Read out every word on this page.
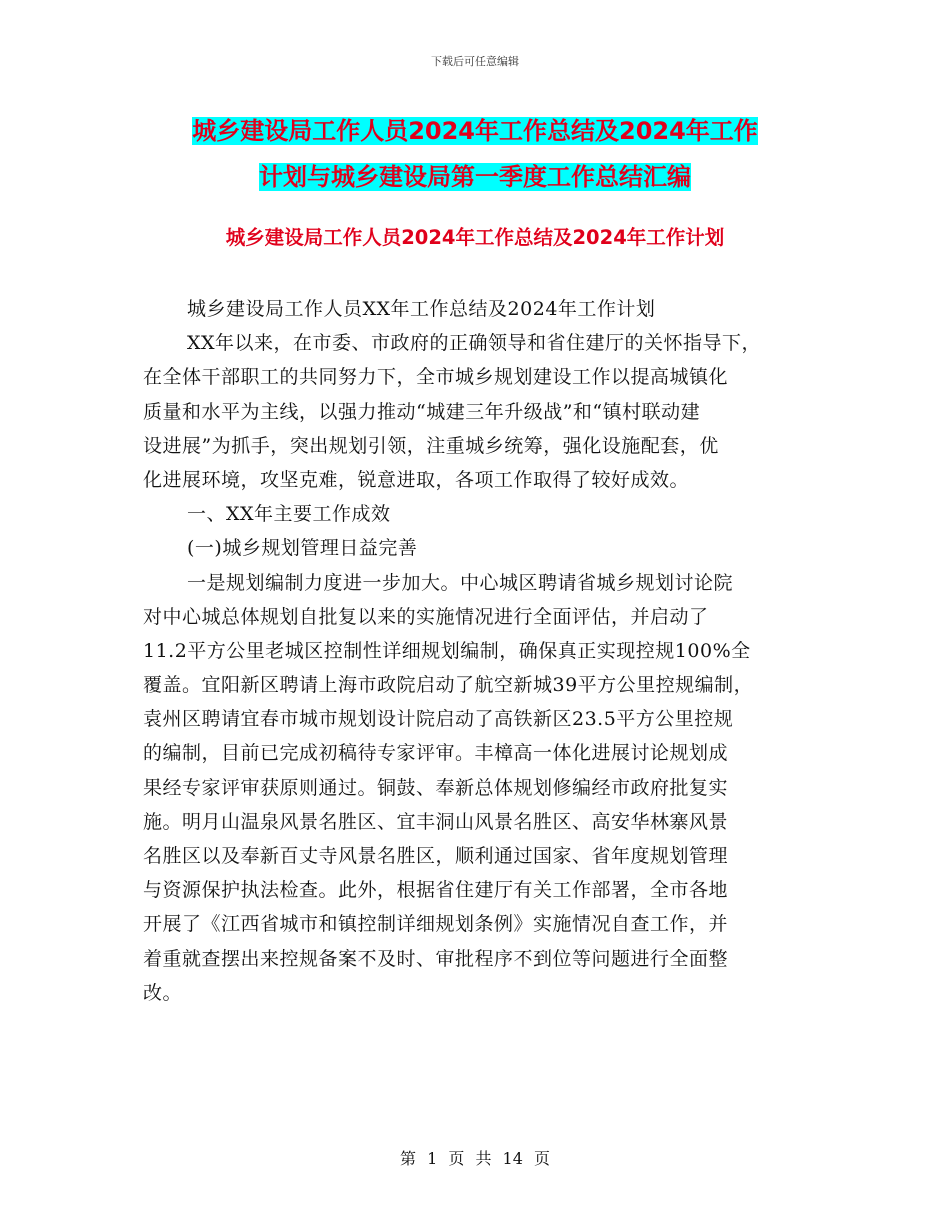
下载后可任意编辑
城乡建设局工作人员2024年工作总结及2024年工作
计划与城乡建设局第一季度工作总结汇编
城乡建设局工作人员2024年工作总结及2024年工作计划
城乡建设局工作人员XX年工作总结及2024年工作计划
XX年以来，在市委、市政府的正确领导和省住建厅的关怀指导下，
在全体干部职工的共同努力下，全市城乡规划建设工作以提高城镇化
质量和水平为主线，以强力推动“城建三年升级战”和“镇村联动建
设进展”为抓手，突出规划引领，注重城乡统筹，强化设施配套，优
化进展环境，攻坚克难，锐意进取，各项工作取得了较好成效。
一、XX年主要工作成效
(一)城乡规划管理日益完善
一是规划编制力度进一步加大。中心城区聘请省城乡规划讨论院
对中心城总体规划自批复以来的实施情况进行全面评估，并启动了
11.2平方公里老城区控制性详细规划编制，确保真正实现控规100%全
覆盖。宜阳新区聘请上海市政院启动了航空新城39平方公里控规编制，
袁州区聘请宜春市城市规划设计院启动了高铁新区23.5平方公里控规
的编制，目前已完成初稿待专家评审。丰樟高一体化进展讨论规划成
果经专家评审获原则通过。铜鼓、奉新总体规划修编经市政府批复实
施。明月山温泉风景名胜区、宜丰洞山风景名胜区、高安华林寨风景
名胜区以及奉新百丈寺风景名胜区，顺利通过国家、省年度规划管理
与资源保护执法检查。此外，根据省住建厅有关工作部署，全市各地
开展了《江西省城市和镇控制详细规划条例》实施情况自查工作，并
着重就查摆出来控规备案不及时、审批程序不到位等问题进行全面整
改。
第 1 页 共 14 页
